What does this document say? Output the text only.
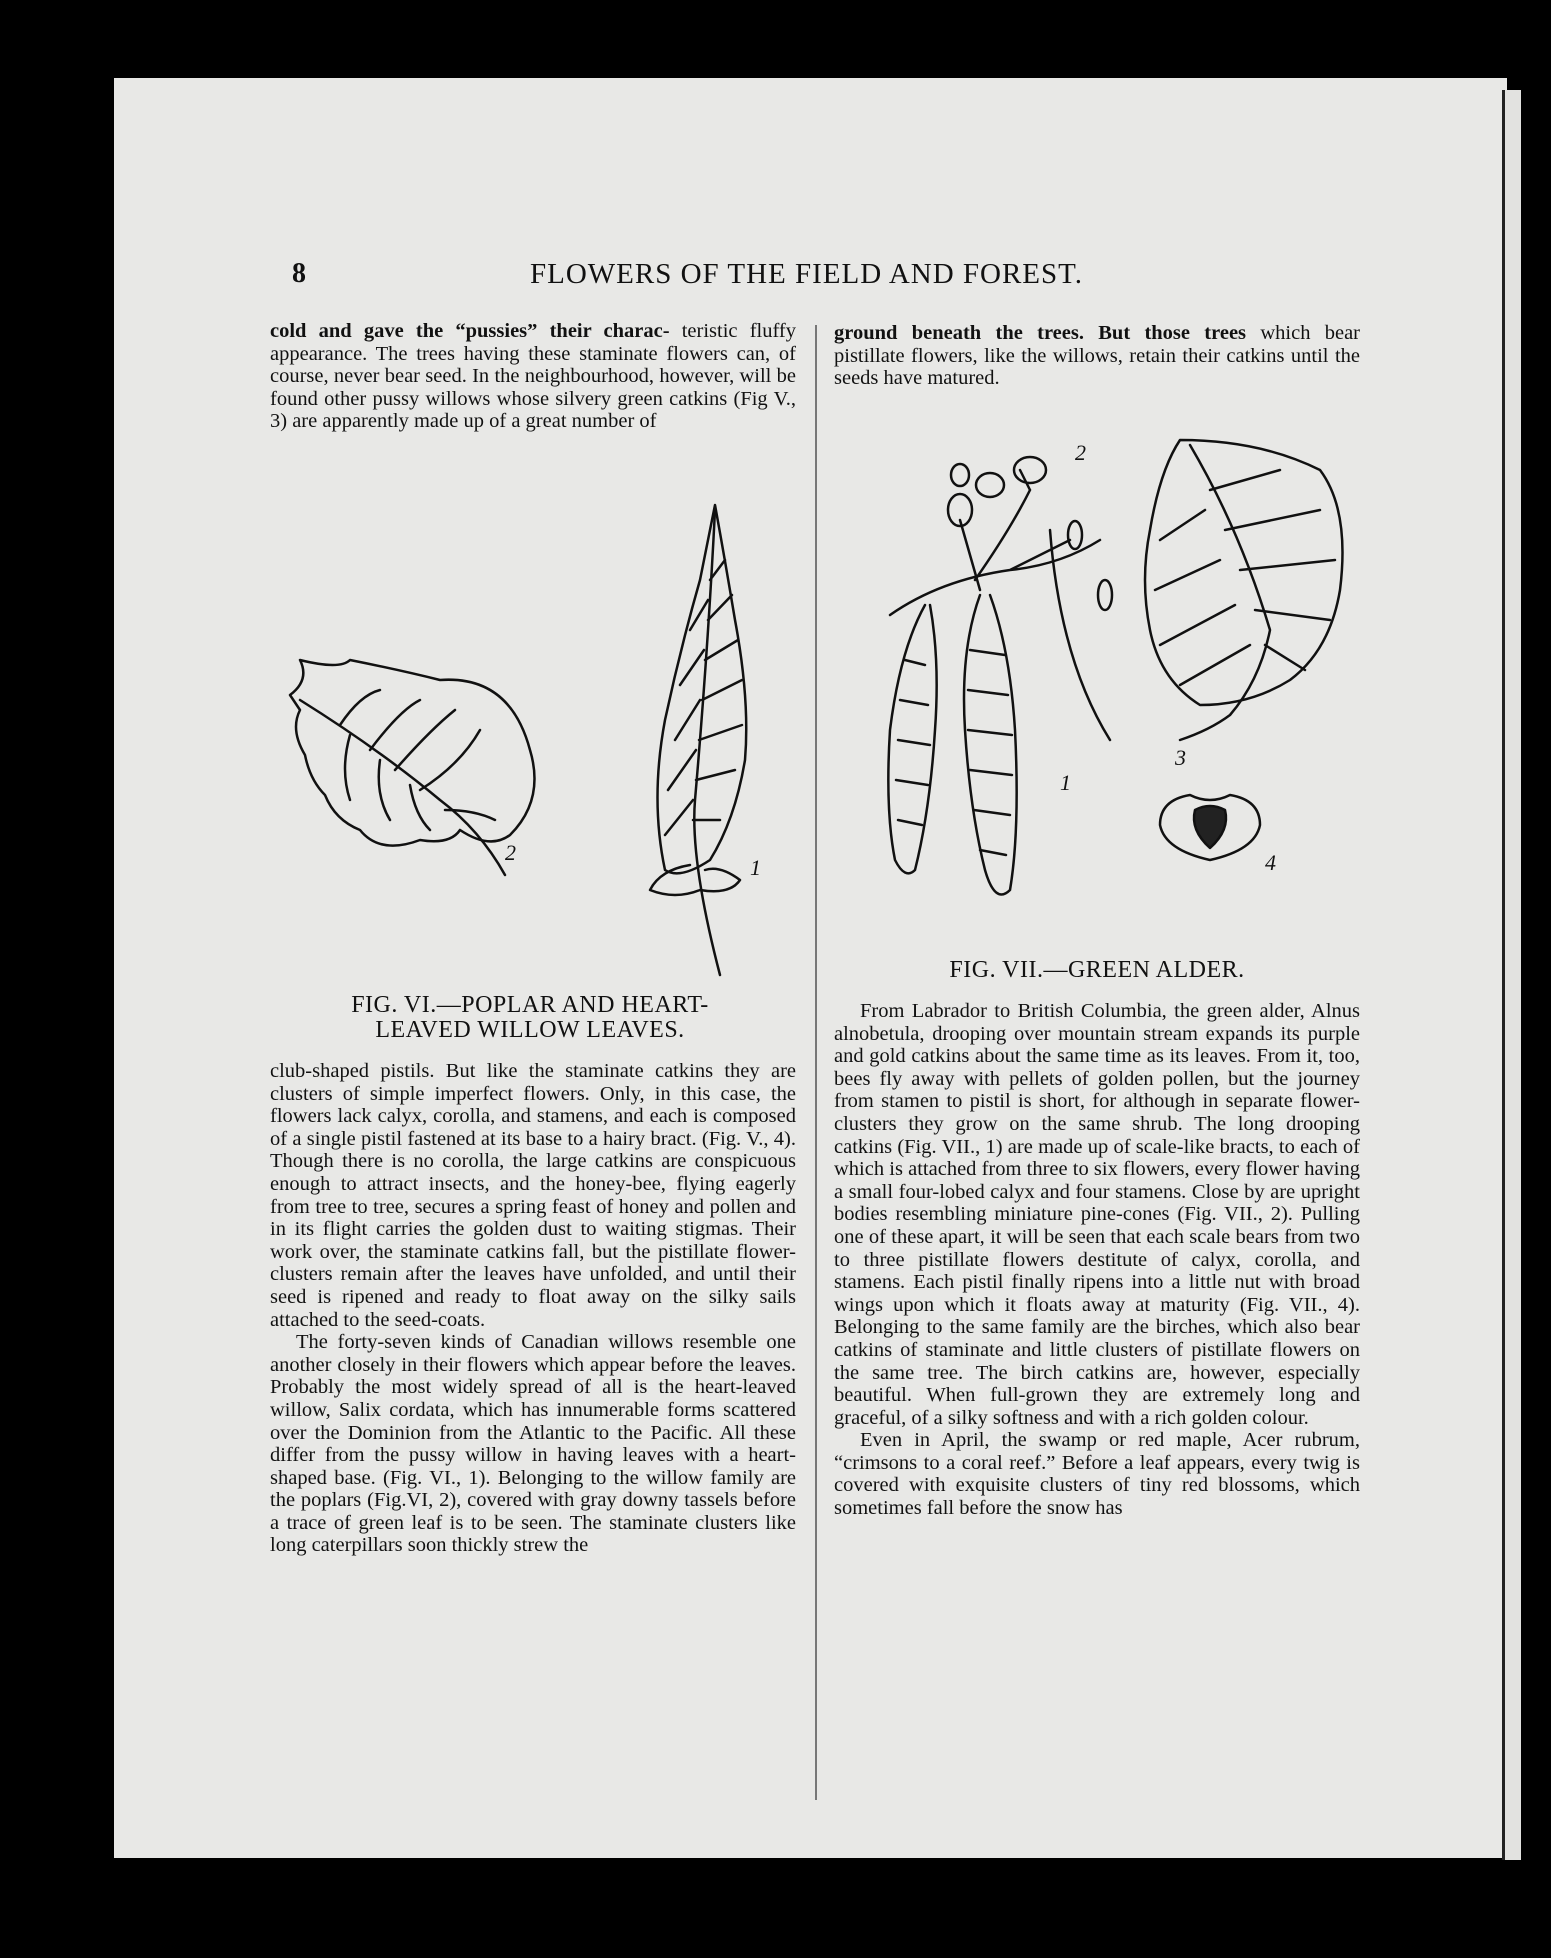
8	FLOWERS OF THE FIELD AND FOREST.

cold and gave the “pussies” their charac- teristic fluffy appearance. The trees having these staminate flowers can, of course, never bear seed. In the neighbourhood, however, will be found other pussy willows whose silvery green catkins (Fig V., 3) are apparently made up of a great number of

ground beneath the trees. But those trees which bear pistillate flowers, like the willows, retain their catkins until the seeds have matured.

2
1
FIG. VI.—POPLAR AND HEART-
LEAVED WILLOW LEAVES.
2
1
3
4
FIG. VII.—GREEN ALDER.

club-shaped pistils. But like the staminate catkins they are clusters of simple imperfect flowers. Only, in this case, the flowers lack calyx, corolla, and stamens, and each is composed of a single pistil fastened at its base to a hairy bract. (Fig. V., 4). Though there is no corolla, the large catkins are conspicuous enough to attract insects, and the honey-bee, flying eagerly from tree to tree, secures a spring feast of honey and pollen and in its flight carries the golden dust to waiting stigmas. Their work over, the staminate catkins fall, but the pistillate flower-clusters remain after the leaves have unfolded, and until their seed is ripened and ready to float away on the silky sails attached to the seed-coats.

The forty-seven kinds of Canadian willows resemble one another closely in their flowers which appear before the leaves. Probably the most widely spread of all is the heart-leaved willow, Salix cordata, which has innumerable forms scattered over the Dominion from the Atlantic to the Pacific. All these differ from the pussy willow in having leaves with a heart-shaped base. (Fig. VI., 1). Belonging to the willow family are the poplars (Fig.VI, 2), covered with gray downy tassels before a trace of green leaf is to be seen. The staminate clusters like long caterpillars soon thickly strew the

From Labrador to British Columbia, the green alder, Alnus alnobetula, drooping over mountain stream expands its purple and gold catkins about the same time as its leaves. From it, too, bees fly away with pellets of golden pollen, but the journey from stamen to pistil is short, for although in separate flower-clusters they grow on the same shrub. The long drooping catkins (Fig. VII., 1) are made up of scale-like bracts, to each of which is attached from three to six flowers, every flower having a small four-lobed calyx and four stamens. Close by are upright bodies resembling miniature pine-cones (Fig. VII., 2). Pulling one of these apart, it will be seen that each scale bears from two to three pistillate flowers destitute of calyx, corolla, and stamens. Each pistil finally ripens into a little nut with broad wings upon which it floats away at maturity (Fig. VII., 4). Belonging to the same family are the birches, which also bear catkins of staminate and little clusters of pistillate flowers on the same tree. The birch catkins are, however, especially beautiful. When full-grown they are extremely long and graceful, of a silky softness and with a rich golden colour.

Even in April, the swamp or red maple, Acer rubrum, “crimsons to a coral reef.” Before a leaf appears, every twig is covered with exquisite clusters of tiny red blossoms, which sometimes fall before the snow has
